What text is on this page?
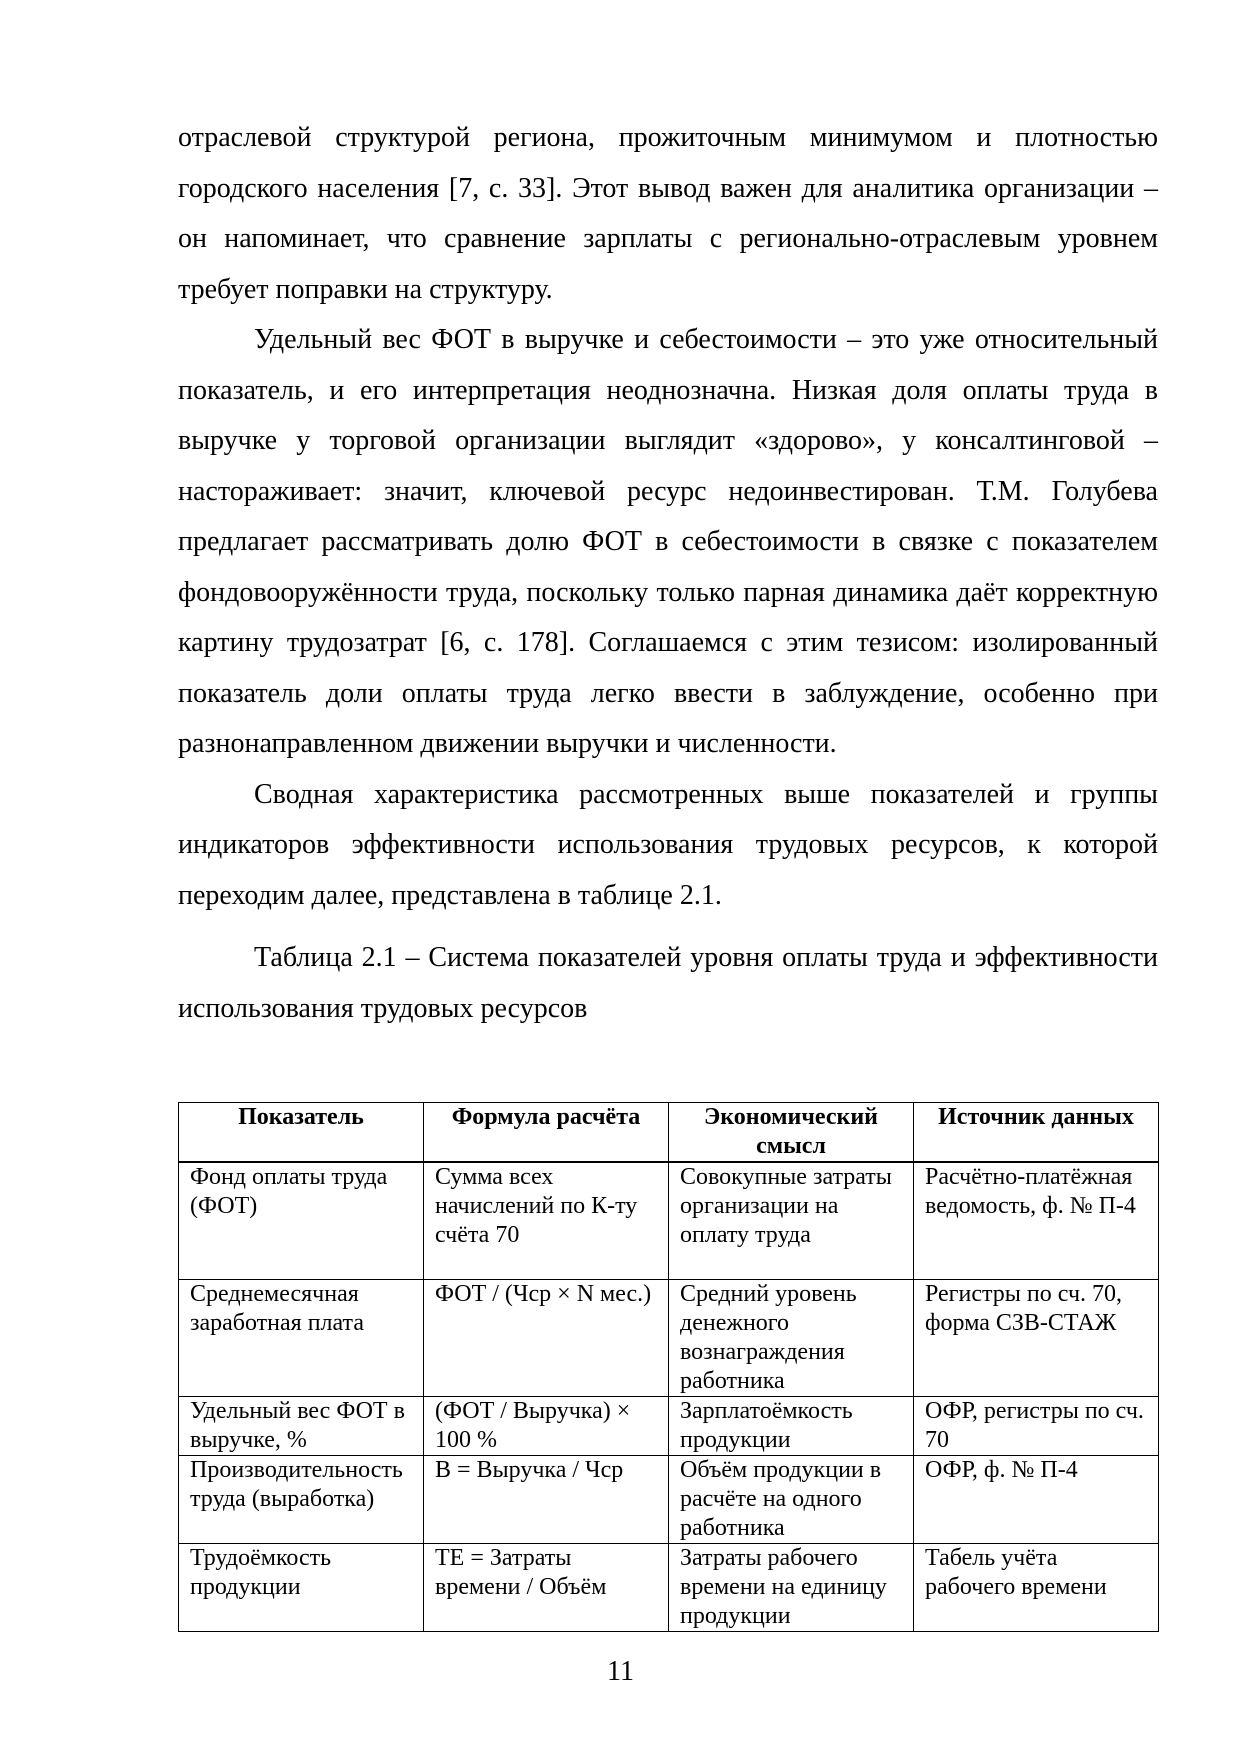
отраслевой структурой региона, прожиточным минимумом и плотностью городского населения [7, с. 33]. Этот вывод важен для аналитика организации – он напоминает, что сравнение зарплаты с регионально-отраслевым уровнем требует поправки на структуру.

Удельный вес ФОТ в выручке и себестоимости – это уже относительный показатель, и его интерпретация неоднозначна. Низкая доля оплаты труда в выручке у торговой организации выглядит «здорово», у консалтинговой – настораживает: значит, ключевой ресурс недоинвестирован. Т.М. Голубева предлагает рассматривать долю ФОТ в себестоимости в связке с показателем фондовооружённости труда, поскольку только парная динамика даёт корректную картину трудозатрат [6, с. 178]. Соглашаемся с этим тезисом: изолированный показатель доли оплаты труда легко ввести в заблуждение, особенно при разнонаправленном движении выручки и численности.

Сводная характеристика рассмотренных выше показателей и группы индикаторов эффективности использования трудовых ресурсов, к которой переходим далее, представлена в таблице 2.1.

Таблица 2.1 – Система показателей уровня оплаты труда и эффективности использования трудовых ресурсов

Показатель	Формула расчёта	Экономический смысл	Источник данных
Фонд оплаты труда (ФОТ)	Сумма всех начислений по К-ту счёта 70	Совокупные затраты организации на оплату труда	Расчётно-платёжная ведомость, ф. № П-4
Среднемесячная заработная плата	ФОТ / (Чср × N мес.)	Средний уровень денежного вознаграждения работника	Регистры по сч. 70, форма СЗВ-СТАЖ
Удельный вес ФОТ в выручке, %	(ФОТ / Выручка) × 100 %	Зарплатоёмкость продукции	ОФР, регистры по сч. 70
Производительность труда (выработка)	В = Выручка / Чср	Объём продукции в расчёте на одного работника	ОФР, ф. № П-4
Трудоёмкость продукции	ТЕ = Затраты времени / Объём	Затраты рабочего времени на единицу продукции	Табель учёта рабочего времени
11
